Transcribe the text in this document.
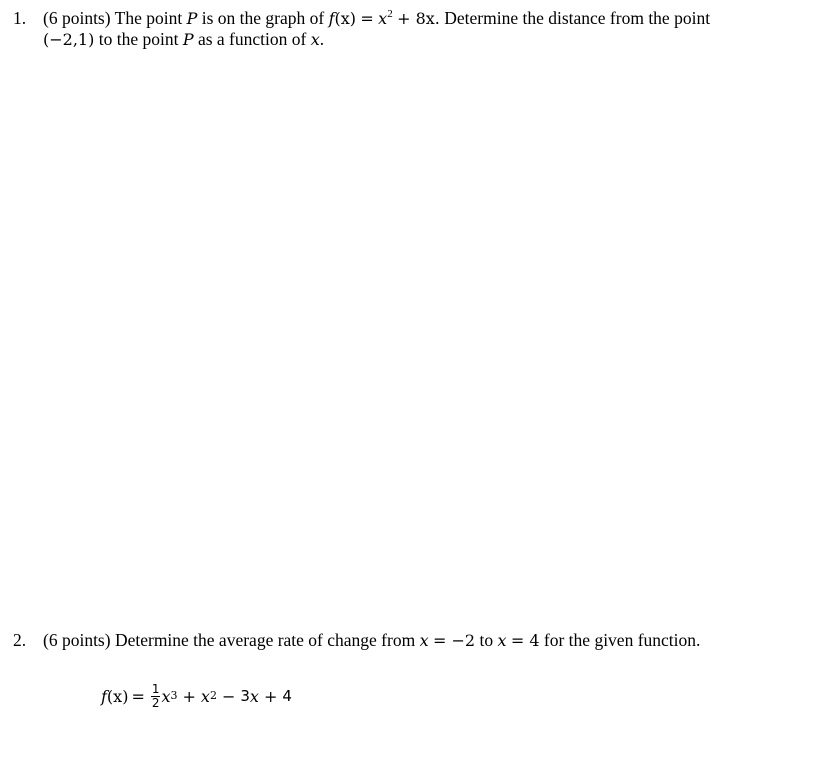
1. (6 points) The point P is on the graph of $f(x) = x^2 + 8x$. Determine the distance from the point
(−2,1) to the point P as a function of x.
2. (6 points) Determine the average rate of change from x = −2 to x = 4 for the given function.
f $(x) = \frac{1}{2}$ x 3 + x 2 − 3 x + 4
